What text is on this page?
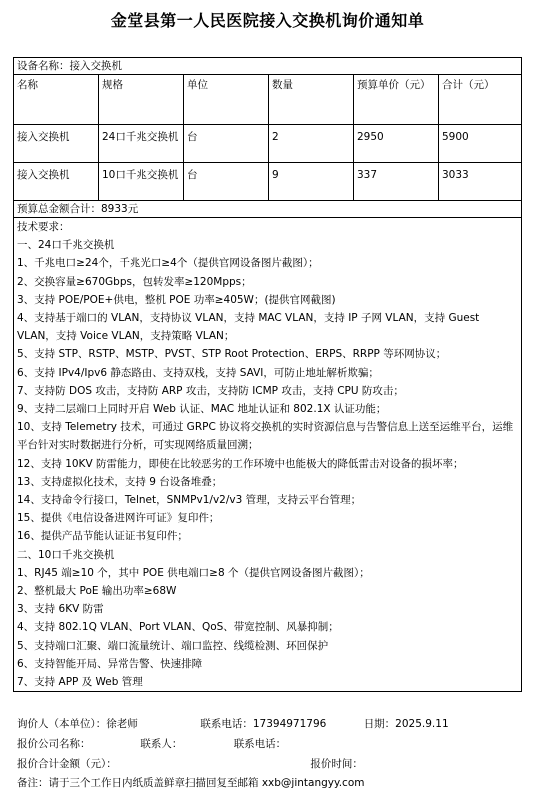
金堂县第一人民医院接入交换机询价通知单
设备名称：接入交换机
名称	规格	单位	数量	预算单价（元）	合计（元）
接入交换机	24口千兆交换机 台	2	2950	5900
接入交换机	10口千兆交换机 台	9	337	3033
预算总金额合计：8933元
技术要求：
一、24口千兆交换机
1、千兆电口≥24个，千兆光口≥4个（提供官网设备图片截图）；
2、交换容量≥670Gbps，包转发率≥120Mpps；
3、支持 POE/POE+供电，整机 POE 功率≥405W；(提供官网截图)
4、支持基于端口的 VLAN，支持协议 VLAN，支持 MAC VLAN，支持 IP 子网 VLAN，支持 Guest VLAN，支持 Voice VLAN，支持策略 VLAN；
5、支持 STP、RSTP、MSTP、PVST、STP Root Protection、ERPS、RRPP 等环网协议；
6、支持 IPv4/Ipv6 静态路由、支持双栈，支持 SAVI，可防止地址解析欺骗；
7、支持防 DOS 攻击，支持防 ARP 攻击，支持防 ICMP 攻击，支持 CPU 防攻击；
9、支持二层端口上同时开启 Web 认证、MAC 地址认证和 802.1X 认证功能；
10、支持 Telemetry 技术，可通过 GRPC 协议将交换机的实时资源信息与告警信息上送至运维平台，运维平台针对实时数据进行分析，可实现网络质量回溯；
12、支持 10KV 防雷能力，即使在比较恶劣的工作环境中也能极大的降低雷击对设备的损坏率；
13、支持虚拟化技术，支持 9 台设备堆叠；
14、支持命令行接口，Telnet，SNMPv1/v2/v3 管理，支持云平台管理；
15、提供《电信设备进网许可证》复印件；
16、提供产品节能认证证书复印件；
二、10口千兆交换机
1、RJ45 端≥10 个，其中 POE 供电端口≥8 个（提供官网设备图片截图）；
2、整机最大 PoE 输出功率≥68W
3、支持 6KV 防雷
4、支持 802.1Q VLAN、Port VLAN、QoS、带宽控制、风暴抑制；
5、支持端口汇聚、端口流量统计、端口监控、线缆检测、环回保护
6、支持智能开局、异常告警、快速排障
7、支持 APP 及 Web 管理
询价人（本单位）：徐老师	联系电话：17394971796	日期：2025.9.11
报价公司名称：	联系人：	联系电话：
报价合计金额（元）：	报价时间：
备注：请于三个工作日内纸质盖鲜章扫描回复至邮箱 xxb@jintangyy.com
